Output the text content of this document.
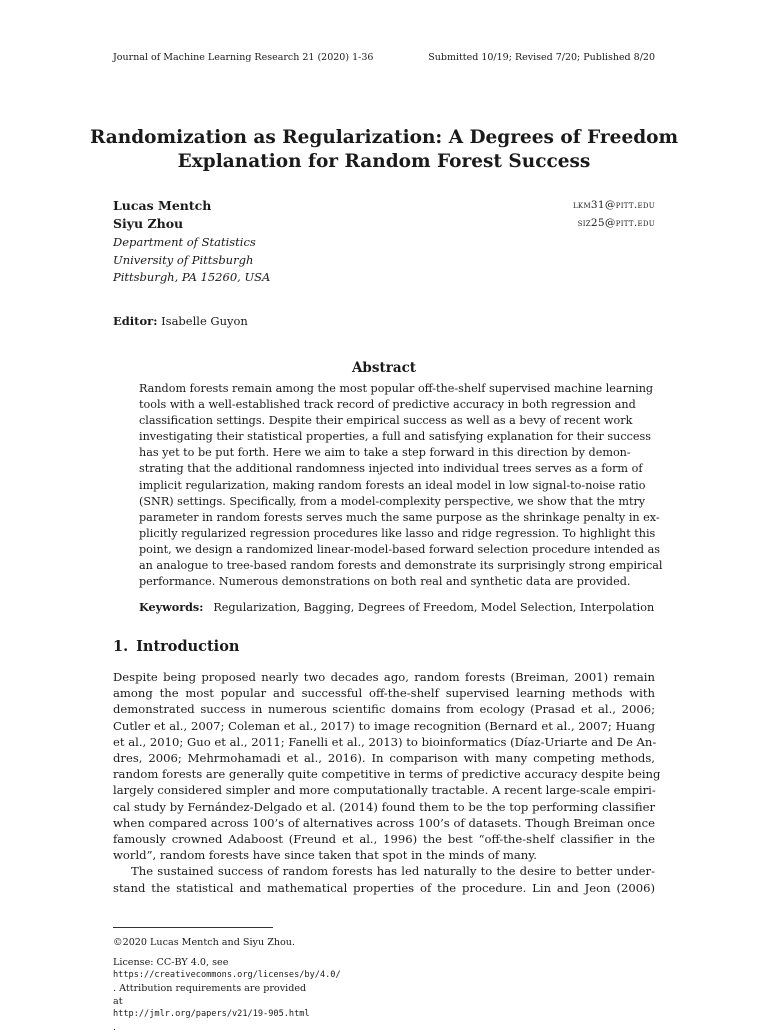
Journal of Machine Learning Research 21 (2020) 1-36	Submitted 10/19; Revised 7/20; Published 8/20
Randomization as Regularization: A Degrees of Freedom
Explanation for Random Forest Success
Lucas Mentch	lkm31@pitt.edu
Siyu Zhou	siz25@pitt.edu
Department of Statistics
University of Pittsburgh
Pittsburgh, PA 15260, USA
Editor: Isabelle Guyon
Abstract
Random forests remain among the most popular off-the-shelf supervised machine learning
tools with a well-established track record of predictive accuracy in both regression and
classification settings. Despite their empirical success as well as a bevy of recent work
investigating their statistical properties, a full and satisfying explanation for their success
has yet to be put forth. Here we aim to take a step forward in this direction by demon-
strating that the additional randomness injected into individual trees serves as a form of
implicit regularization, making random forests an ideal model in low signal-to-noise ratio
(SNR) settings. Specifically, from a model-complexity perspective, we show that the mtry
parameter in random forests serves much the same purpose as the shrinkage penalty in ex-
plicitly regularized regression procedures like lasso and ridge regression. To highlight this
point, we design a randomized linear-model-based forward selection procedure intended as
an analogue to tree-based random forests and demonstrate its surprisingly strong empirical
performance. Numerous demonstrations on both real and synthetic data are provided.
Keywords: Regularization, Bagging, Degrees of Freedom, Model Selection, Interpolation
1. Introduction
Despite being proposed nearly two decades ago, random forests (Breiman, 2001) remain
among the most popular and successful off-the-shelf supervised learning methods with
demonstrated success in numerous scientific domains from ecology (Prasad et al., 2006;
Cutler et al., 2007; Coleman et al., 2017) to image recognition (Bernard et al., 2007; Huang
et al., 2010; Guo et al., 2011; Fanelli et al., 2013) to bioinformatics (Díaz-Uriarte and De An-
dres, 2006; Mehrmohamadi et al., 2016). In comparison with many competing methods,
random forests are generally quite competitive in terms of predictive accuracy despite being
largely considered simpler and more computationally tractable. A recent large-scale empiri-
cal study by Fernández-Delgado et al. (2014) found them to be the top performing classifier
when compared across 100’s of alternatives across 100’s of datasets. Though Breiman once
famously crowned Adaboost (Freund et al., 1996) the best “off-the-shelf classifier in the
world”, random forests have since taken that spot in the minds of many.
The sustained success of random forests has led naturally to the desire to better under-
stand the statistical and mathematical properties of the procedure. Lin and Jeon (2006)
©2020 Lucas Mentch and Siyu Zhou.
License: CC-BY 4.0, see
https://creativecommons.org/licenses/by/4.0/
. Attribution requirements are provided
at
http://jmlr.org/papers/v21/19-905.html
.
